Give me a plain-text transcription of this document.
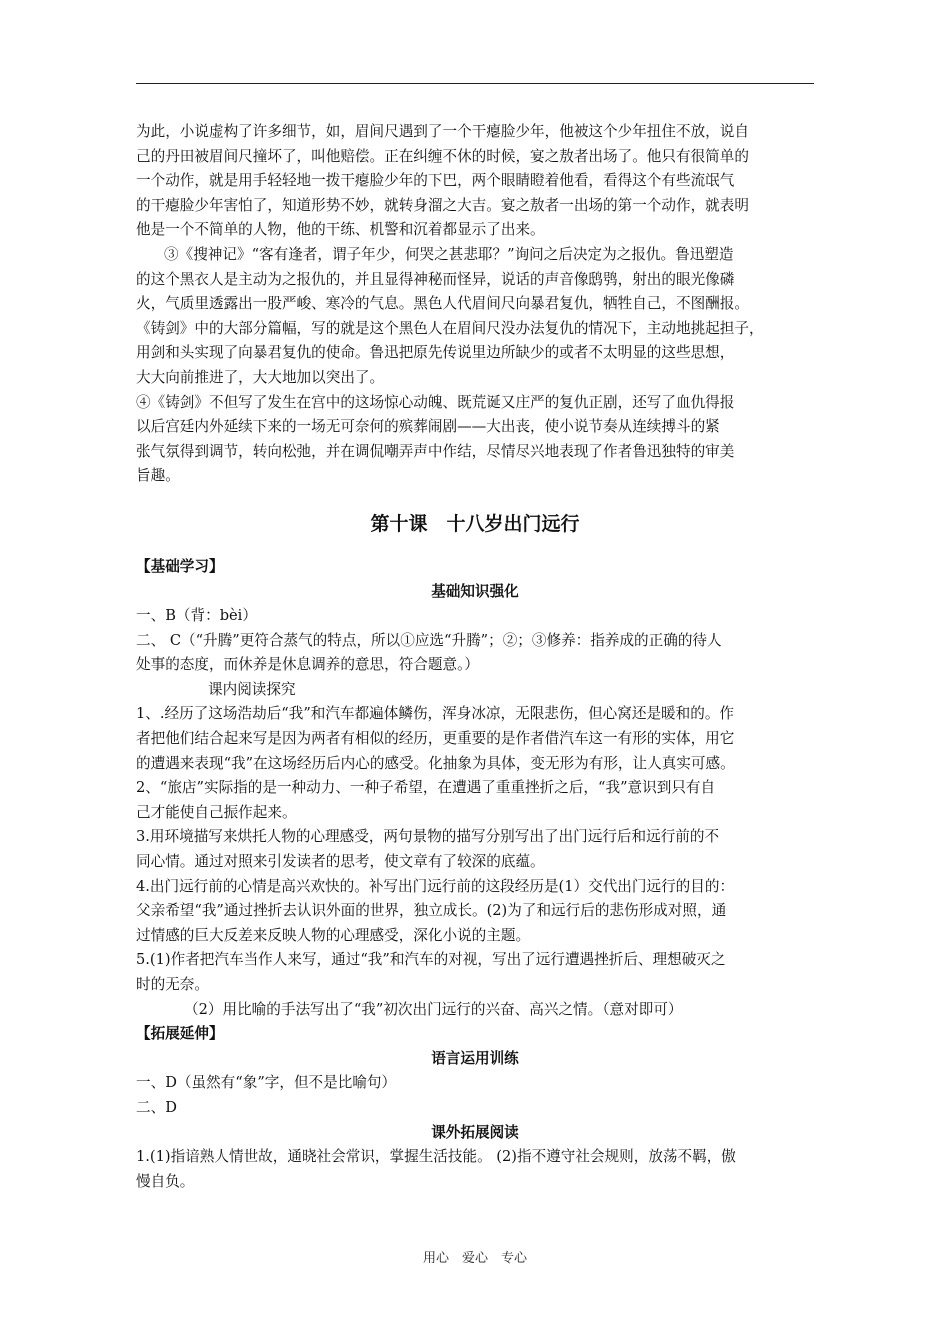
为此，小说虚构了许多细节，如，眉间尺遇到了一个干瘪脸少年，他被这个少年扭住不放，说自

己的丹田被眉间尺撞坏了，叫他赔偿。正在纠缠不休的时候，宴之敖者出场了。他只有很简单的

一个动作，就是用手轻轻地一拨干瘪脸少年的下巴，两个眼睛瞪着他看，看得这个有些流氓气

的干瘪脸少年害怕了，知道形势不妙，就转身溜之大吉。宴之敖者一出场的第一个动作，就表明

他是一个不简单的人物，他的干练、机警和沉着都显示了出来。

③《搜神记》“客有逢者，谓子年少，何哭之甚悲耶？”询问之后决定为之报仇。鲁迅塑造

的这个黑衣人是主动为之报仇的，并且显得神秘而怪异，说话的声音像鸱鸮，射出的眼光像磷

火，气质里透露出一股严峻、寒冷的气息。黑色人代眉间尺向暴君复仇，牺牲自己，不图酬报。

《铸剑》中的大部分篇幅，写的就是这个黑色人在眉间尺没办法复仇的情况下，主动地挑起担子，

用剑和头实现了向暴君复仇的使命。鲁迅把原先传说里边所缺少的或者不太明显的这些思想，

大大向前推进了，大大地加以突出了。

④《铸剑》不但写了发生在宫中的这场惊心动魄、既荒诞又庄严的复仇正剧，还写了血仇得报

以后宫廷内外延续下来的一场无可奈何的殡葬闹剧——大出丧，使小说节奏从连续搏斗的紧

张气氛得到调节，转向松弛，并在调侃嘲弄声中作结，尽情尽兴地表现了作者鲁迅独特的审美

旨趣。

第十课　十八岁出门远行

【基础学习】

基础知识强化

一、B（背：bèi）

二、 C（“升腾”更符合蒸气的特点，所以①应选“升腾”；②；③修养：指养成的正确的待人

处事的态度，而休养是休息调养的意思，符合题意。）

课内阅读探究

1、.经历了这场浩劫后“我”和汽车都遍体鳞伤，浑身冰凉，无限悲伤，但心窝还是暖和的。作

者把他们结合起来写是因为两者有相似的经历，更重要的是作者借汽车这一有形的实体，用它

的遭遇来表现“我”在这场经历后内心的感受。化抽象为具体，变无形为有形，让人真实可感。

2、“旅店”实际指的是一种动力、一种子希望，在遭遇了重重挫折之后，“我”意识到只有自

己才能使自己振作起来。

3.用环境描写来烘托人物的心理感受，两句景物的描写分别写出了出门远行后和远行前的不

同心情。通过对照来引发读者的思考，使文章有了较深的底蕴。

4.出门远行前的心情是高兴欢快的。补写出门远行前的这段经历是(1）交代出门远行的目的：

父亲希望“我”通过挫折去认识外面的世界，独立成长。(2)为了和远行后的悲伤形成对照，通

过情感的巨大反差来反映人物的心理感受，深化小说的主题。

5.(1)作者把汽车当作人来写，通过“我”和汽车的对视，写出了远行遭遇挫折后、理想破灭之

时的无奈。

（2）用比喻的手法写出了“我”初次出门远行的兴奋、高兴之情。（意对即可）

【拓展延伸】

语言运用训练

一、D（虽然有“象”字，但不是比喻句）

二、D

课外拓展阅读

1.(1)指谙熟人情世故，通晓社会常识，掌握生活技能。 (2)指不遵守社会规则，放荡不羁，傲

慢自负。

用心　爱心　专心
